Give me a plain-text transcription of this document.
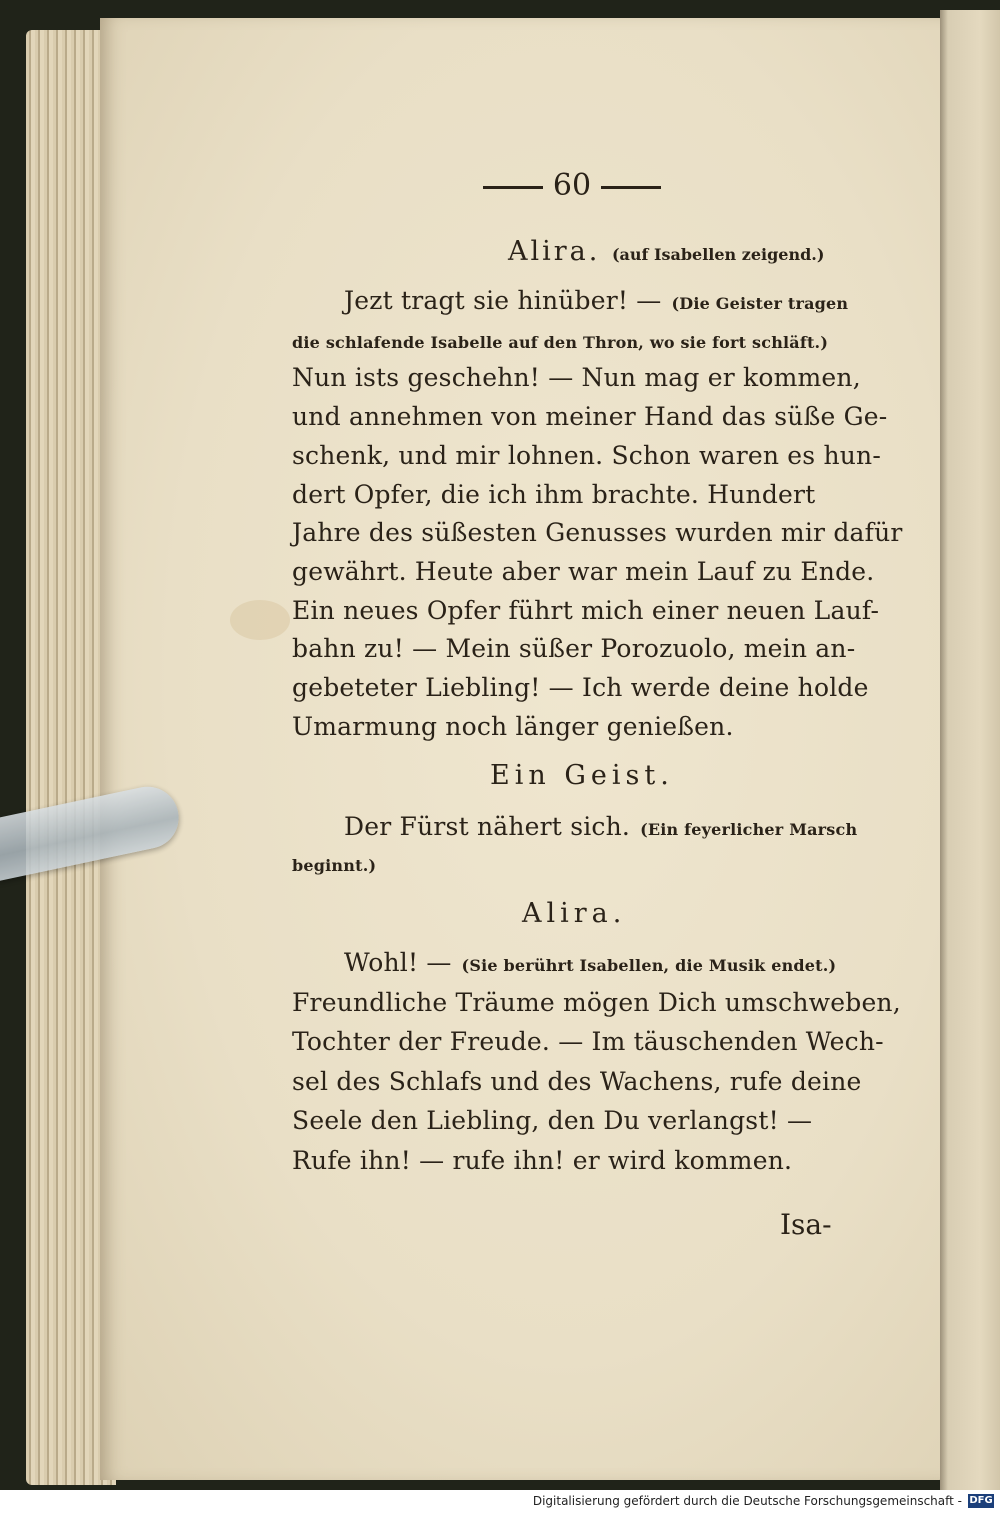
60
Alira. (auf Isabellen zeigend.)
Jezt tragt sie hinüber! — (Die Geister tragen
die schlafende Isabelle auf den Thron, wo sie fort schläft.)
Nun ists geschehn! — Nun mag er kommen,
und annehmen von meiner Hand das süße Ge-
schenk, und mir lohnen. Schon waren es hun-
dert Opfer, die ich ihm brachte. Hundert
Jahre des süßesten Genusses wurden mir dafür
gewährt. Heute aber war mein Lauf zu Ende.
Ein neues Opfer führt mich einer neuen Lauf-
bahn zu! — Mein süßer Porozuolo, mein an-
gebeteter Liebling! — Ich werde deine holde
Umarmung noch länger genießen.
Ein Geist.
Der Fürst nähert sich. (Ein feyerlicher Marsch
beginnt.)
Alira.
Wohl! — (Sie berührt Isabellen, die Musik endet.)
Freundliche Träume mögen Dich umschweben,
Tochter der Freude. — Im täuschenden Wech-
sel des Schlafs und des Wachens, rufe deine
Seele den Liebling, den Du verlangst! —
Rufe ihn! — rufe ihn! er wird kommen.
Isa-
Digitalisierung gefördert durch die Deutsche Forschungsgemeinschaft - DFG
